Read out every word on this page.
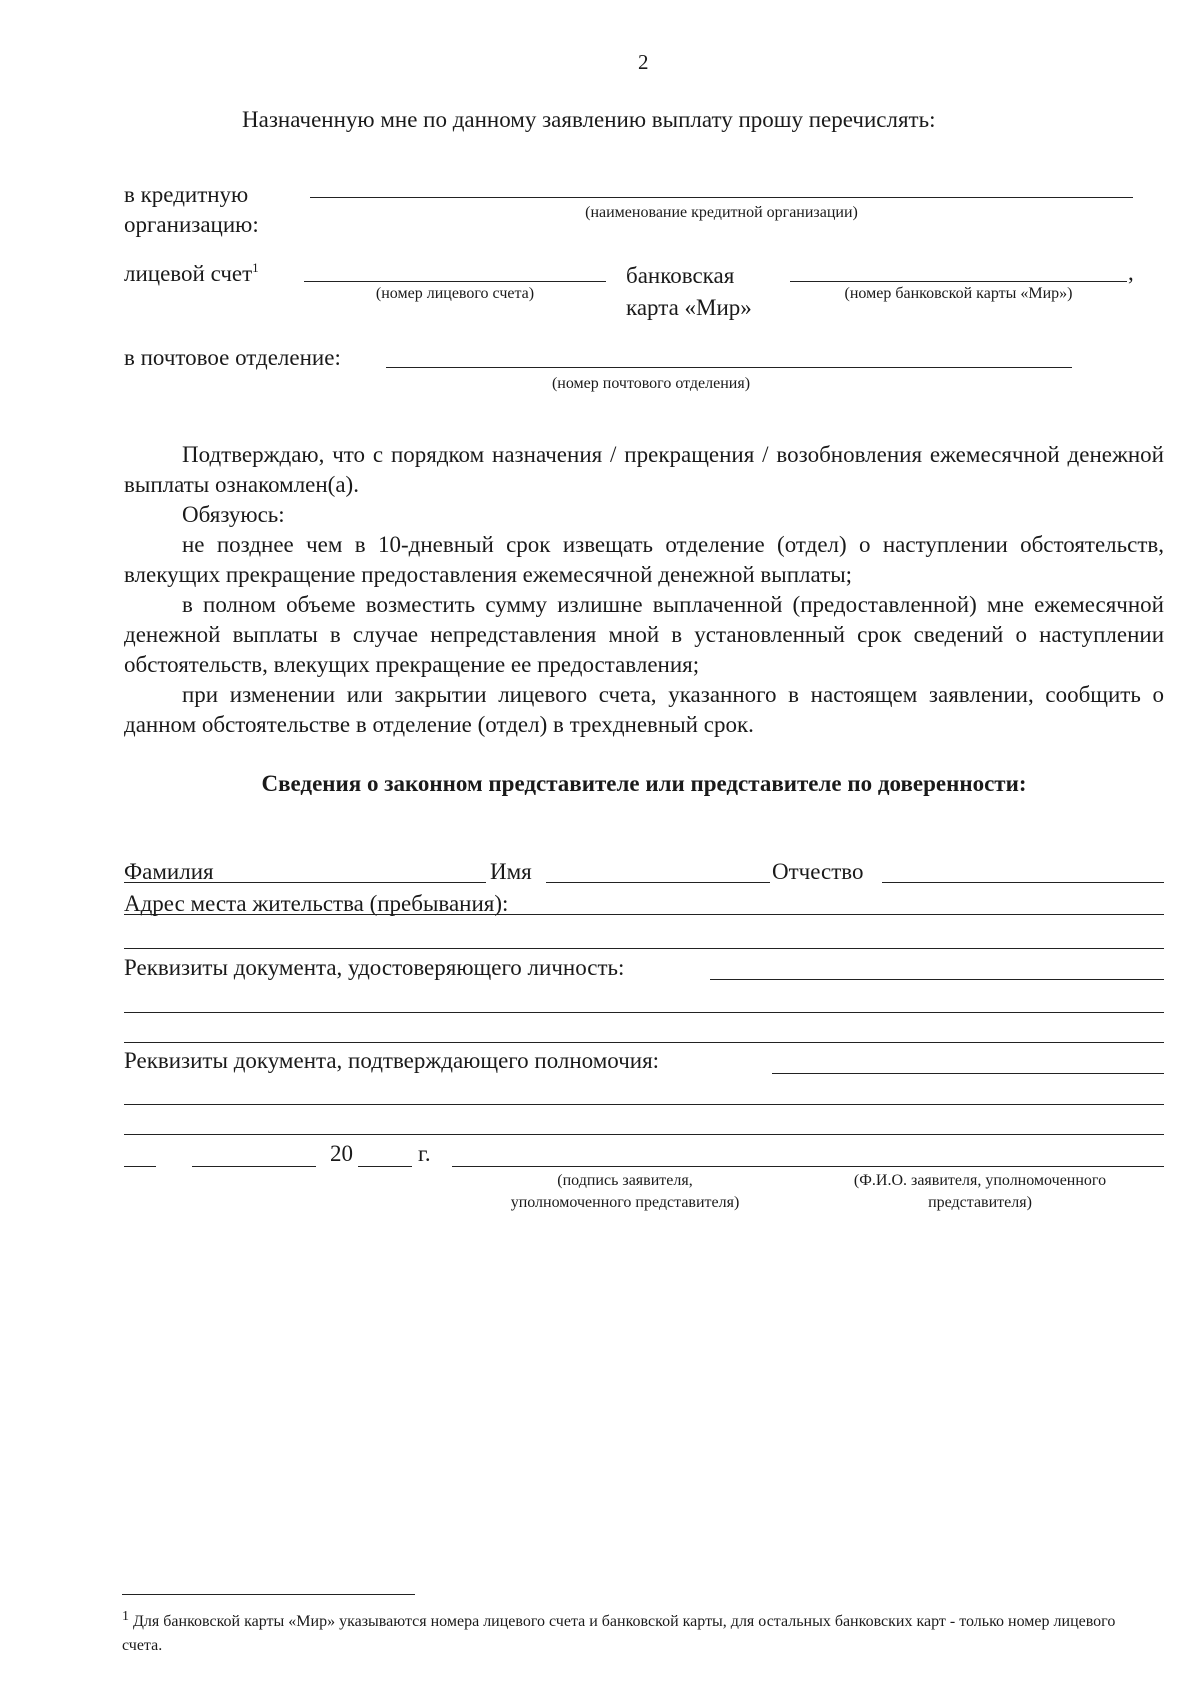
2
Назначенную мне по данному заявлению выплату прошу перечислять:
в кредитную
организацию:	(наименование кредитной организации)
лицевой счет$^1$
(номер лицевого счета)
банковская
карта «Мир»
,
(номер банковской карты «Мир»)
в почтовое отделение:
(номер почтового отделения)

Подтверждаю, что с порядком назначения / прекращения / возобновления ежемесячной денежной выплаты ознакомлен(а).

Обязуюсь:

не позднее чем в 10-дневный срок извещать отделение (отдел) о наступлении обстоятельств, влекущих прекращение предоставления ежемесячной денежной выплаты;

в полном объеме возместить сумму излишне выплаченной (предоставленной) мне ежемесячной денежной выплаты в случае непредставления мной в установленный срок сведений о наступлении обстоятельств, влекущих прекращение ее предоставления;

при изменении или закрытии лицевого счета, указанного в настоящем заявлении, сообщить о данном обстоятельстве в отделение (отдел) в трехдневный срок.

Сведения о законном представителе или представителе по доверенности:
Фамилия	Имя	Отчество
Адрес места жительства (пребывания):
Реквизиты документа, удостоверяющего личность:
Реквизиты документа, подтверждающего полномочия:
20	г.
(подпись заявителя,
уполномоченного представителя)
(Ф.И.О. заявителя, уполномоченного
представителя)
$^1$ Для банковской карты «Мир» указываются номера лицевого счета и банковской карты, для остальных банковских карт - только номер лицевого счета.
